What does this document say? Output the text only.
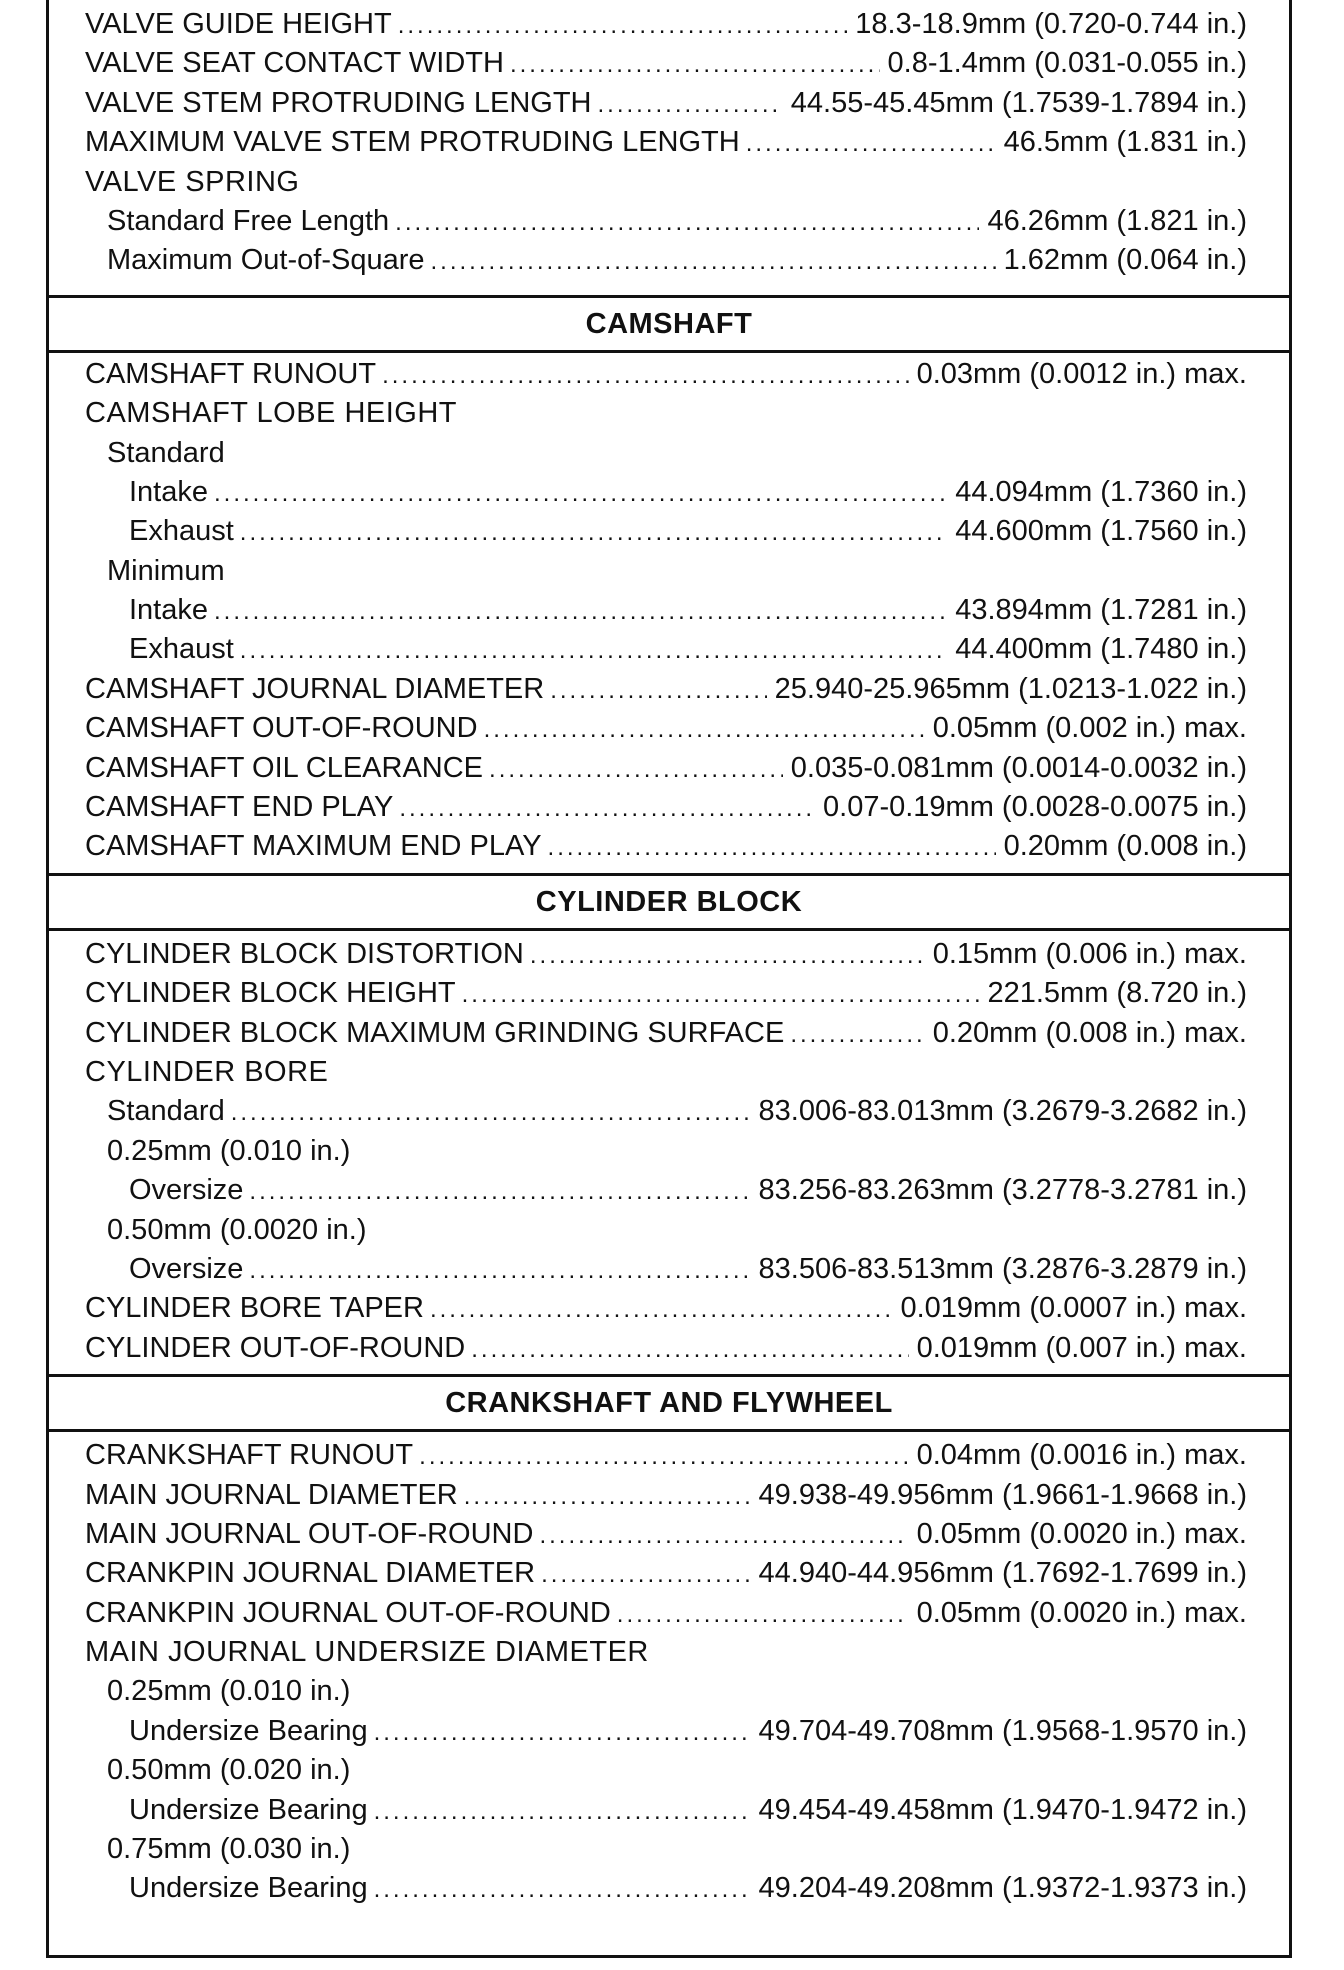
VALVE GUIDE HEIGHT .....	18.3-18.9mm (0.720-0.744 in.)
VALVE SEAT CONTACT WIDTH .....	0.8-1.4mm (0.031-0.055 in.)
VALVE STEM PROTRUDING LENGTH .....	44.55-45.45mm (1.7539-1.7894 in.)
MAXIMUM VALVE STEM PROTRUDING LENGTH .....	46.5mm (1.831 in.)
VALVE SPRING
Standard Free Length .....	46.26mm (1.821 in.)
Maximum Out-of-Square .....	1.62mm (0.064 in.)
CAMSHAFT
CAMSHAFT RUNOUT .....	0.03mm (0.0012 in.) max.
CAMSHAFT LOBE HEIGHT
Standard
Intake .....	44.094mm (1.7360 in.)
Exhaust .....	44.600mm (1.7560 in.)
Minimum
Intake .....	43.894mm (1.7281 in.)
Exhaust .....	44.400mm (1.7480 in.)
CAMSHAFT JOURNAL DIAMETER .....	25.940-25.965mm (1.0213-1.022 in.)
CAMSHAFT OUT-OF-ROUND .....	0.05mm (0.002 in.) max.
CAMSHAFT OIL CLEARANCE .....	0.035-0.081mm (0.0014-0.0032 in.)
CAMSHAFT END PLAY .....	0.07-0.19mm (0.0028-0.0075 in.)
CAMSHAFT MAXIMUM END PLAY .....	0.20mm (0.008 in.)
CYLINDER BLOCK
CYLINDER BLOCK DISTORTION .....	0.15mm (0.006 in.) max.
CYLINDER BLOCK HEIGHT .....	221.5mm (8.720 in.)
CYLINDER BLOCK MAXIMUM GRINDING SURFACE .....	0.20mm (0.008 in.) max.
CYLINDER BORE
Standard .....	83.006-83.013mm (3.2679-3.2682 in.)
0.25mm (0.010 in.)
Oversize .....	83.256-83.263mm (3.2778-3.2781 in.)
0.50mm (0.0020 in.)
Oversize .....	83.506-83.513mm (3.2876-3.2879 in.)
CYLINDER BORE TAPER .....	0.019mm (0.0007 in.) max.
CYLINDER OUT-OF-ROUND .....	0.019mm (0.007 in.) max.
CRANKSHAFT AND FLYWHEEL
CRANKSHAFT RUNOUT .....	0.04mm (0.0016 in.) max.
MAIN JOURNAL DIAMETER .....	49.938-49.956mm (1.9661-1.9668 in.)
MAIN JOURNAL OUT-OF-ROUND .....	0.05mm (0.0020 in.) max.
CRANKPIN JOURNAL DIAMETER .....	44.940-44.956mm (1.7692-1.7699 in.)
CRANKPIN JOURNAL OUT-OF-ROUND .....	0.05mm (0.0020 in.) max.
MAIN JOURNAL UNDERSIZE DIAMETER
0.25mm (0.010 in.)
Undersize Bearing .....	49.704-49.708mm (1.9568-1.9570 in.)
0.50mm (0.020 in.)
Undersize Bearing .....	49.454-49.458mm (1.9470-1.9472 in.)
0.75mm (0.030 in.)
Undersize Bearing .....	49.204-49.208mm (1.9372-1.9373 in.)
